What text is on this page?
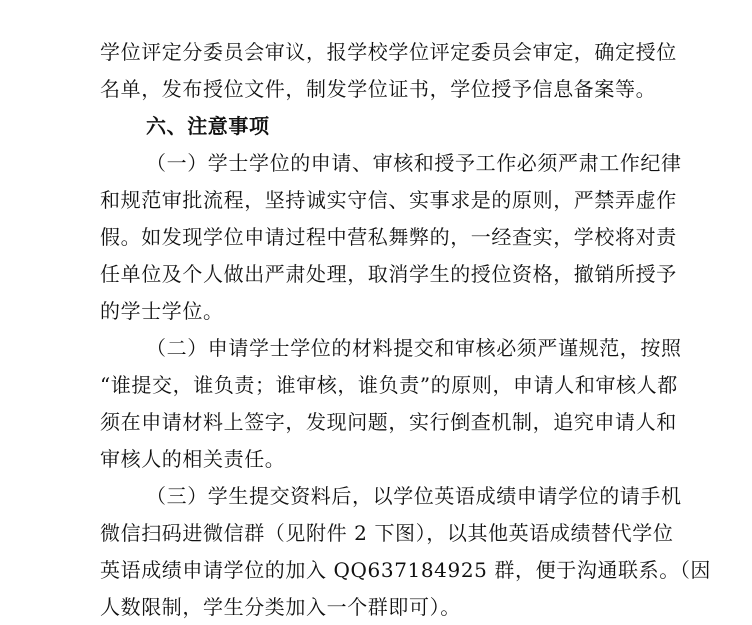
学位评定分委员会审议，报学校学位评定委员会审定，确定授位
名单，发布授位文件，制发学位证书，学位授予信息备案等。
六、注意事项
（一）学士学位的申请、审核和授予工作必须严肃工作纪律
和规范审批流程，坚持诚实守信、实事求是的原则，严禁弄虚作
假。如发现学位申请过程中营私舞弊的，一经查实，学校将对责
任单位及个人做出严肃处理，取消学生的授位资格，撤销所授予
的学士学位。
（二）申请学士学位的材料提交和审核必须严谨规范，按照
“谁提交，谁负责；谁审核，谁负责”的原则，申请人和审核人都
须在申请材料上签字，发现问题，实行倒查机制，追究申请人和
审核人的相关责任。
（三）学生提交资料后，以学位英语成绩申请学位的请手机
微信扫码进微信群（见附件 2 下图），以其他英语成绩替代学位
英语成绩申请学位的加入 QQ637184925 群，便于沟通联系。（因
人数限制，学生分类加入一个群即可）。
